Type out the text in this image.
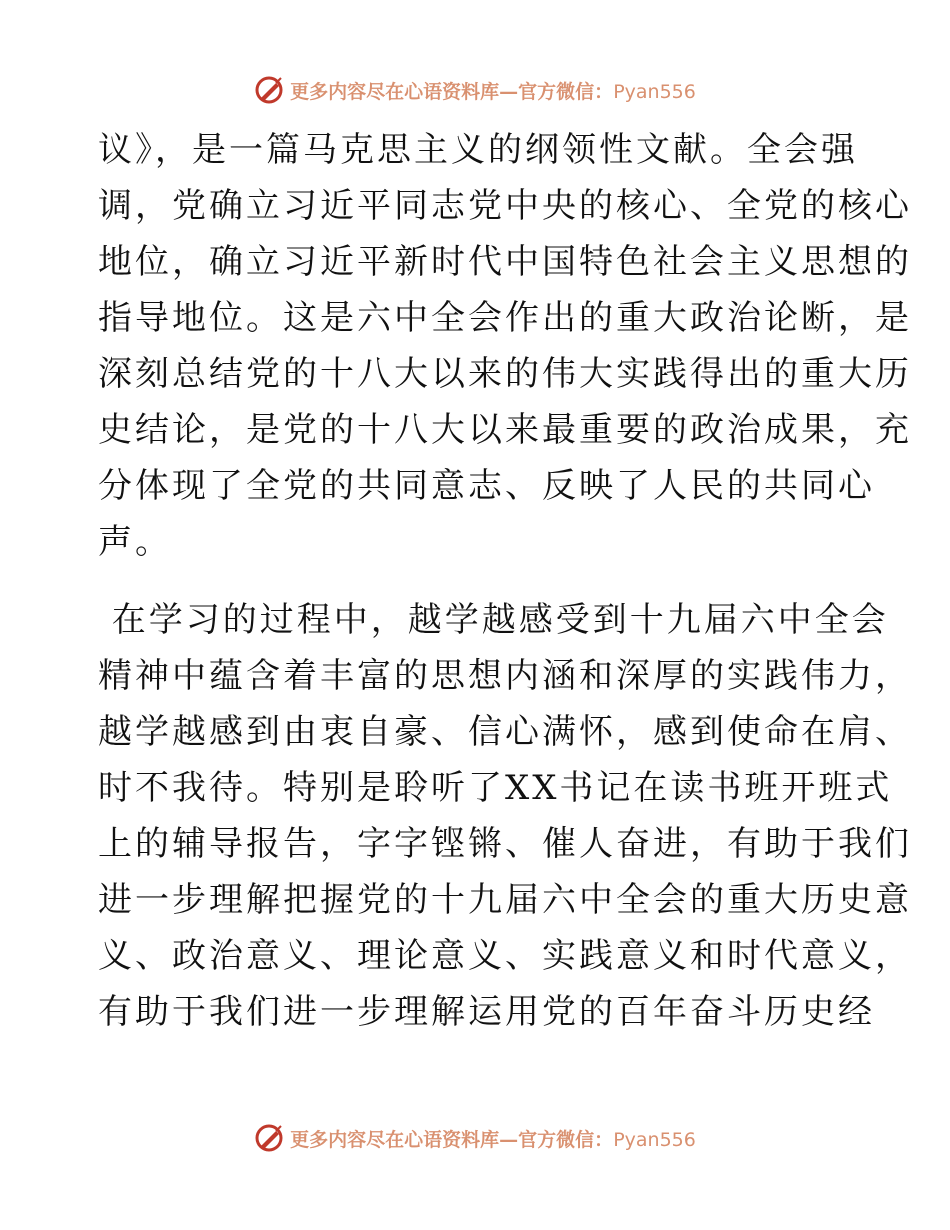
更多内容尽在心语资料库—官方微信：Pyan556
议》，是一篇马克思主义的纲领性文献。全会强
调，党确立习近平同志党中央的核心、全党的核心
地位，确立习近平新时代中国特色社会主义思想的
指导地位。这是六中全会作出的重大政治论断，是
深刻总结党的十八大以来的伟大实践得出的重大历
史结论，是党的十八大以来最重要的政治成果，充
分体现了全党的共同意志、反映了人民的共同心
声。
在学习的过程中，越学越感受到十九届六中全会
精神中蕴含着丰富的思想内涵和深厚的实践伟力，
越学越感到由衷自豪、信心满怀，感到使命在肩、
时不我待。特别是聆听了XX书记在读书班开班式
上的辅导报告，字字铿锵、催人奋进，有助于我们
进一步理解把握党的十九届六中全会的重大历史意
义、政治意义、理论意义、实践意义和时代意义，
有助于我们进一步理解运用党的百年奋斗历史经
更多内容尽在心语资料库—官方微信：Pyan556
